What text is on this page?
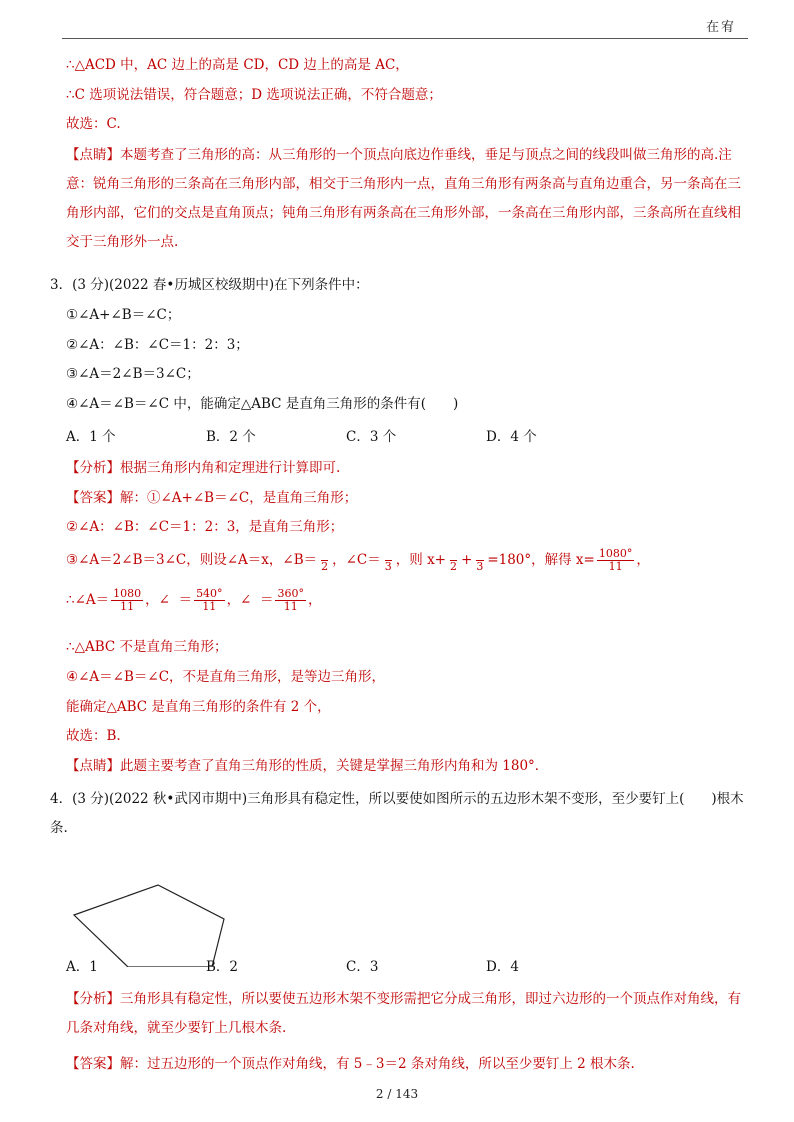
在宥
∴△ACD 中，AC 边上的高是 CD，CD 边上的高是 AC，
∴C 选项说法错误，符合题意；D 选项说法正确，不符合题意；
故选：C.
【点睛】本题考查了三角形的高：从三角形的一个顶点向底边作垂线，垂足与顶点之间的线段叫做三角形的高.注意：锐角三角形的三条高在三角形内部，相交于三角形内一点，直角三角形有两条高与直角边重合，另一条高在三角形内部，它们的交点是直角顶点；钝角三角形有两条高在三角形外部，一条高在三角形内部，三条高所在直线相交于三角形外一点.
3．(3 分)(2022 春•历城区校级期中)在下列条件中：
①∠A+∠B＝∠C；
②∠A：∠B：∠C＝1：2：3；
③∠A＝2∠B＝3∠C；
④∠A＝∠B＝∠C 中，能确定△ABC 是直角三角形的条件有(　　)
A．1 个	B．2 个	C．3 个	D．4 个
【分析】根据三角形内角和定理进行计算即可.
【答案】解：①∠A+∠B＝∠C，是直角三角形；
②∠A：∠B：∠C＝1：2：3，是直角三角形；
③∠A＝2∠B＝3∠C，则设∠A＝x，∠B＝
2 ，∠C＝
3 ，则 x+
2 +
3 =180°，解得 $x= \frac{1080^\circ}{11}$ ，
∴∠A＝ $\frac{1080}{11}$ ，∠ ＝ $\frac{540^\circ}{11}$ ，∠ ＝ $\frac{360^\circ}{11}$ ，
∴△ABC 不是直角三角形；
④∠A＝∠B＝∠C，不是直角三角形，是等边三角形，
能确定△ABC 是直角三角形的条件有 2 个，
故选：B.
【点睛】此题主要考查了直角三角形的性质，关键是掌握三角形内角和为 180°．
4．(3 分)(2022 秋•武冈市期中)三角形具有稳定性，所以要使如图所示的五边形木架不变形，至少要钉上(　　)根木条.
A．1	B．2	C．3	D．4
【分析】三角形具有稳定性，所以要使五边形木架不变形需把它分成三角形，即过六边形的一个顶点作对角线，有几条对角线，就至少要钉上几根木条.
【答案】解：过五边形的一个顶点作对角线，有 5﹣3＝2 条对角线，所以至少要钉上 2 根木条.
2 / 143
